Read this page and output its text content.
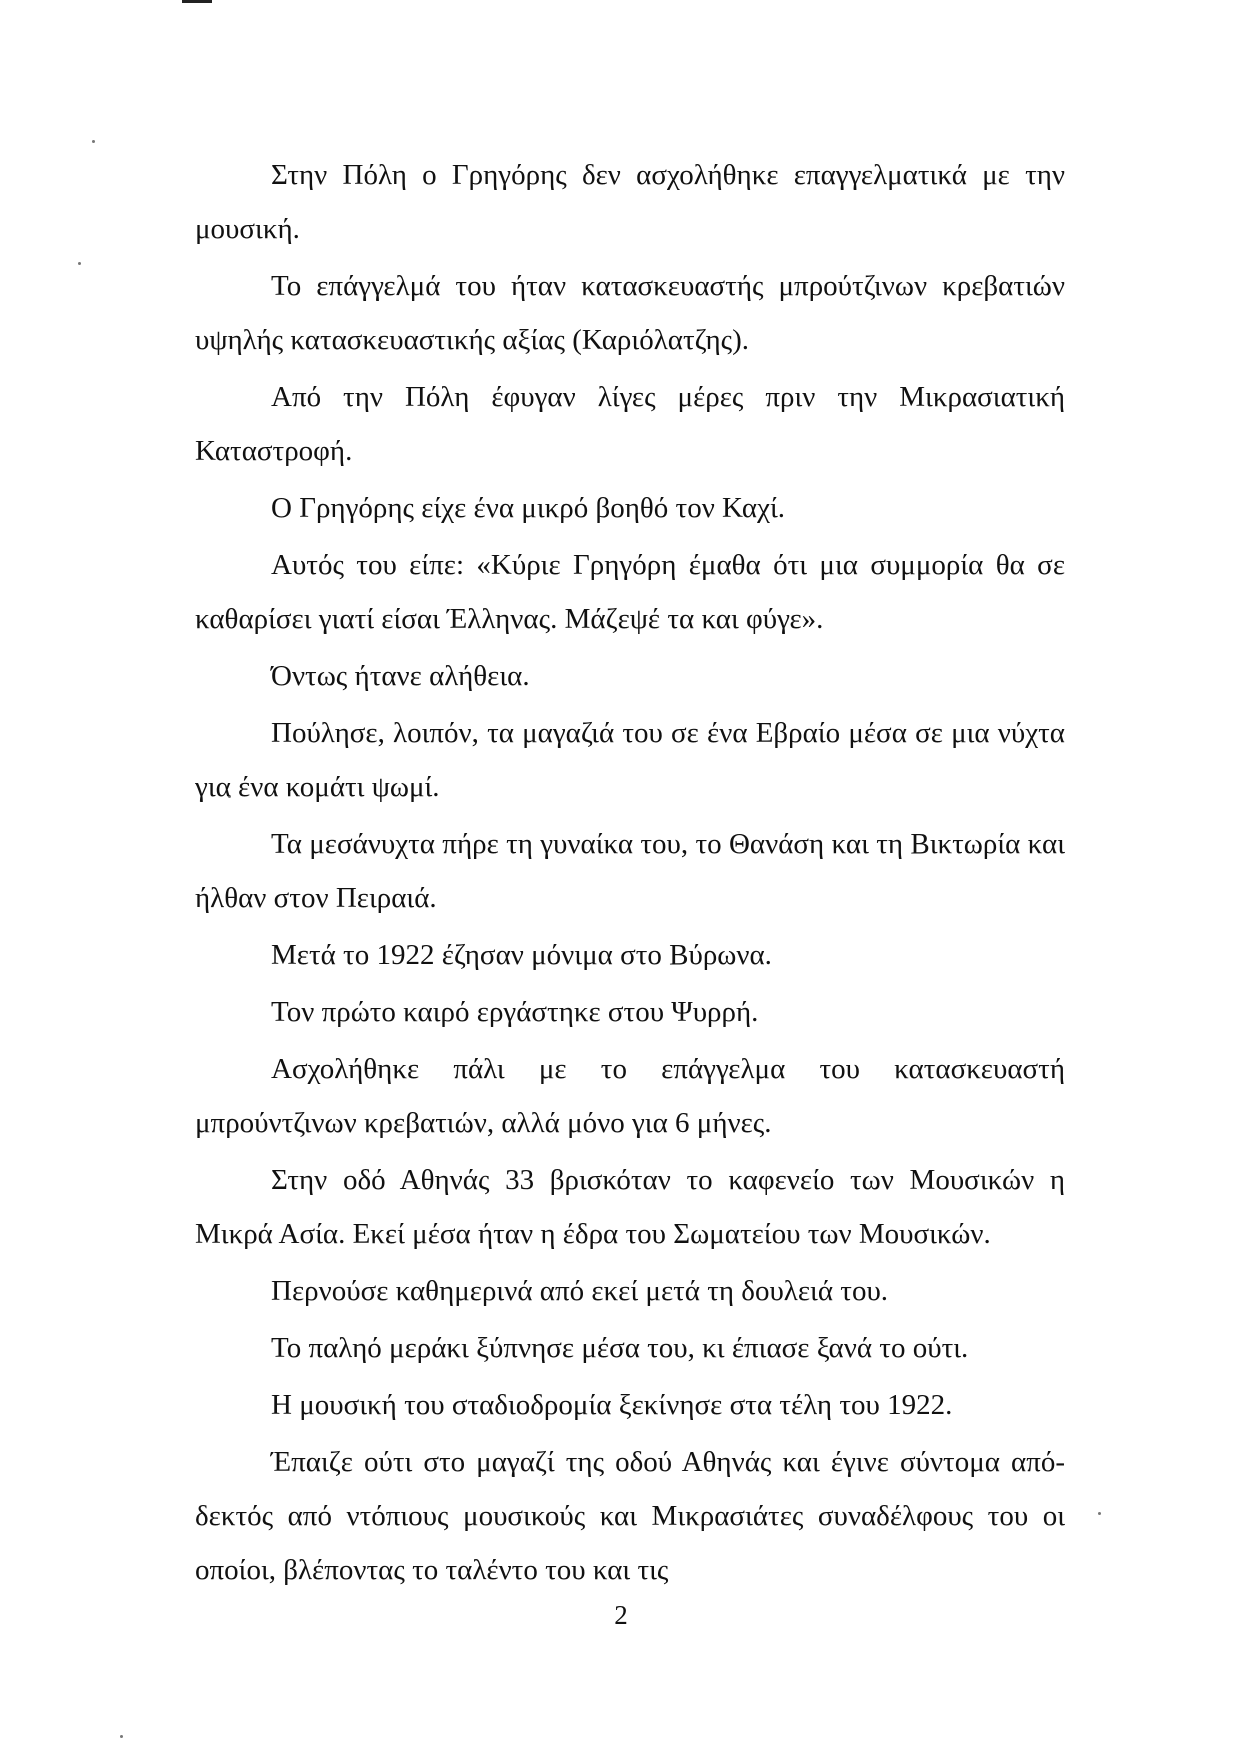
Στην Πόλη ο Γρηγόρης δεν ασχολήθηκε επαγγελματικά με την μουσική.

Το επάγγελμά του ήταν κατασκευαστής μπρούτζινων κρεβατιών υψηλής κατασκευαστικής αξίας (Καριόλατζης).

Από την Πόλη έφυγαν λίγες μέρες πριν την Μικρασιατική Καταστροφή.

Ο Γρηγόρης είχε ένα μικρό βοηθό τον Καχί.

Αυτός του είπε: «Κύριε Γρηγόρη έμαθα ότι μια συμμορία θα σε καθαρίσει γιατί είσαι Έλληνας. Μάζεψέ τα και φύγε».

Όντως ήτανε αλήθεια.

Πούλησε, λοιπόν, τα μαγαζιά του σε ένα Εβραίο μέσα σε μια νύχτα για ένα κομάτι ψωμί.

Τα μεσάνυχτα πήρε τη γυναίκα του, το Θανάση και τη Βικτωρία και ήλθαν στον Πειραιά.

Μετά το 1922 έζησαν μόνιμα στο Βύρωνα.

Τον πρώτο καιρό εργάστηκε στου Ψυρρή.

Ασχολήθηκε πάλι με το επάγγελμα του κατασκευαστή μπρούντζινων κρεβατιών, αλλά μόνο για 6 μήνες.

Στην οδό Αθηνάς 33 βρισκόταν το καφενείο των Μουσικών η Μικρά Ασία. Εκεί μέσα ήταν η έδρα του Σωματείου των Μουσικών.

Περνούσε καθημερινά από εκεί μετά τη δουλειά του.

Το παληό μεράκι ξύπνησε μέσα του, κι έπιασε ξανά το ούτι.

Η μουσική του σταδιοδρομία ξεκίνησε στα τέλη του 1922.

Έπαιζε ούτι στο μαγαζί της οδού Αθηνάς και έγινε σύντομα από-δεκτός από ντόπιους μουσικούς και Μικρασιάτες συναδέλφους του οι οποίοι, βλέποντας το ταλέντο του και τις

2
